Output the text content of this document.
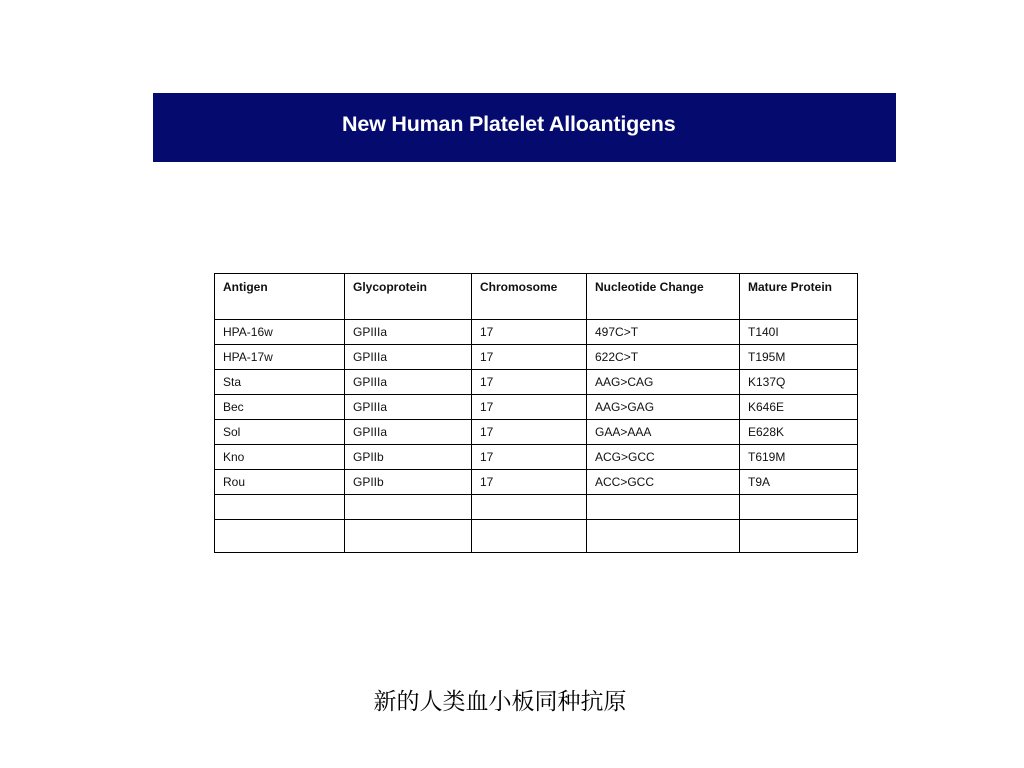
New Human Platelet Alloantigens
Antigen	Glycoprotein	Chromosome	Nucleotide Change	Mature Protein
HPA-16w	GPIIIa	17	497C>T	T140I
HPA-17w	GPIIIa	17	622C>T	T195M
Sta	GPIIIa	17	AAG>CAG	K137Q
Bec	GPIIIa	17	AAG>GAG	K646E
Sol	GPIIIa	17	GAA>AAA	E628K
Kno	GPIIb	17	ACG>GCC	T619M
Rou	GPIIb	17	ACC>GCC	T9A

新的人类血小板同种抗原
